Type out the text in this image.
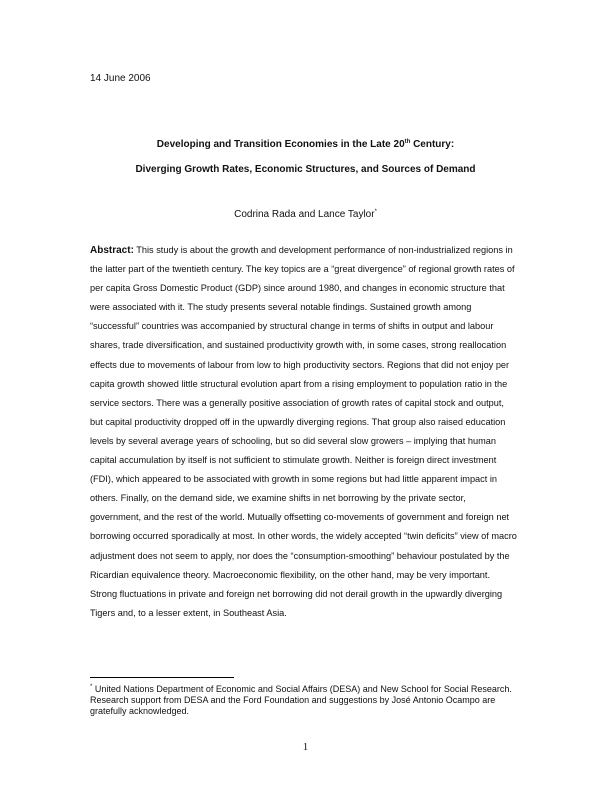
14 June 2006
Developing and Transition Economies in the Late 20th Century:
Diverging Growth Rates, Economic Structures, and Sources of Demand
Codrina Rada and Lance Taylor*

Abstract: This study is about the growth and development performance of non-industrialized regions in the latter part of the twentieth century. The key topics are a “great divergence” of regional growth rates of per capita Gross Domestic Product (GDP) since around 1980, and changes in economic structure that were associated with it. The study presents several notable findings. Sustained growth among “successful” countries was accompanied by structural change in terms of shifts in output and labour shares, trade diversification, and sustained productivity growth with, in some cases, strong reallocation effects due to movements of labour from low to high productivity sectors. Regions that did not enjoy per capita growth showed little structural evolution apart from a rising employment to population ratio in the service sectors. There was a generally positive association of growth rates of capital stock and output, but capital productivity dropped off in the upwardly diverging regions. That group also raised education levels by several average years of schooling, but so did several slow growers – implying that human capital accumulation by itself is not sufficient to stimulate growth. Neither is foreign direct investment (FDI), which appeared to be associated with growth in some regions but had little apparent impact in others. Finally, on the demand side, we examine shifts in net borrowing by the private sector, government, and the rest of the world. Mutually offsetting co-movements of government and foreign net borrowing occurred sporadically at most. In other words, the widely accepted “twin deficits” view of macro adjustment does not seem to apply, nor does the “consumption-smoothing” behaviour postulated by the Ricardian equivalence theory. Macroeconomic flexibility, on the other hand, may be very important. Strong fluctuations in private and foreign net borrowing did not derail growth in the upwardly diverging Tigers and, to a lesser extent, in Southeast Asia.

* United Nations Department of Economic and Social Affairs (DESA) and New School for Social Research. Research support from DESA and the Ford Foundation and suggestions by José Antonio Ocampo are gratefully acknowledged.

1
